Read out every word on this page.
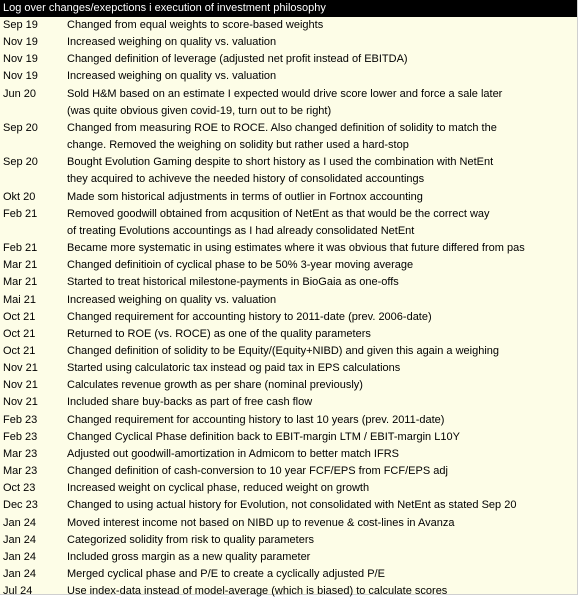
Log over changes/exepctions i execution of investment philosophy
Sep 19	Changed from equal weights to score-based weights
Nov 19	Increased weighing on quality vs. valuation
Nov 19	Changed definition of leverage (adjusted net profit instead of EBITDA)
Nov 19	Increased weighing on quality vs. valuation
Jun 20	Sold H&M based on an estimate I expected would drive score lower and force a sale later
(was quite obvious given covid-19, turn out to be right)
Sep 20	Changed from measuring ROE to ROCE. Also changed definition of solidity to match the
change. Removed the weighing on solidity but rather used a hard-stop
Sep 20	Bought Evolution Gaming despite to short history as I used the combination with NetEnt
they acquired to achiveve the needed history of consolidated accountings
Okt 20	Made som historical adjustments in terms of outlier in Fortnox accounting
Feb 21	Removed goodwill obtained from acqusition of NetEnt as that would be the correct way
of treating Evolutions accountings as I had already consolidated NetEnt
Feb 21	Became more systematic in using estimates where it was obvious that future differed from pas
Mar 21	Changed definitioin of cyclical phase to be 50% 3-year moving average
Mar 21	Started to treat historical milestone-payments in BioGaia as one-offs
Mai 21	Increased weighing on quality vs. valuation
Oct 21	Changed requirement for accounting history to 2011-date (prev. 2006-date)
Oct 21	Returned to ROE (vs. ROCE) as one of the quality parameters
Oct 21	Changed definition of solidity to be Equity/(Equity+NIBD) and given this again a weighing
Nov 21	Started using calculatoric tax instead og paid tax in EPS calculations
Nov 21	Calculates revenue growth as per share (nominal previously)
Nov 21	Included share buy-backs as part of free cash flow
Feb 23	Changed requirement for accounting history to last 10 years (prev. 2011-date)
Feb 23	Changed Cyclical Phase definition back to EBIT-margin LTM / EBIT-margin L10Y
Mar 23	Adjusted out goodwill-amortization in Admicom to better match IFRS
Mar 23	Changed definition of cash-conversion to 10 year FCF/EPS from FCF/EPS adj
Oct 23	Increased weight on cyclical phase, reduced weight on growth
Dec 23	Changed to using actual history for Evolution, not consolidated with NetEnt as stated Sep 20
Jan 24	Moved interest income not based on NIBD up to revenue & cost-lines in Avanza
Jan 24	Categorized solidity from risk to quality parameters
Jan 24	Included gross margin as a new quality parameter
Jan 24	Merged cyclical phase and P/E to create a cyclically adjusted P/E
Jul 24	Use index-data instead of model-average (which is biased) to calculate scores
